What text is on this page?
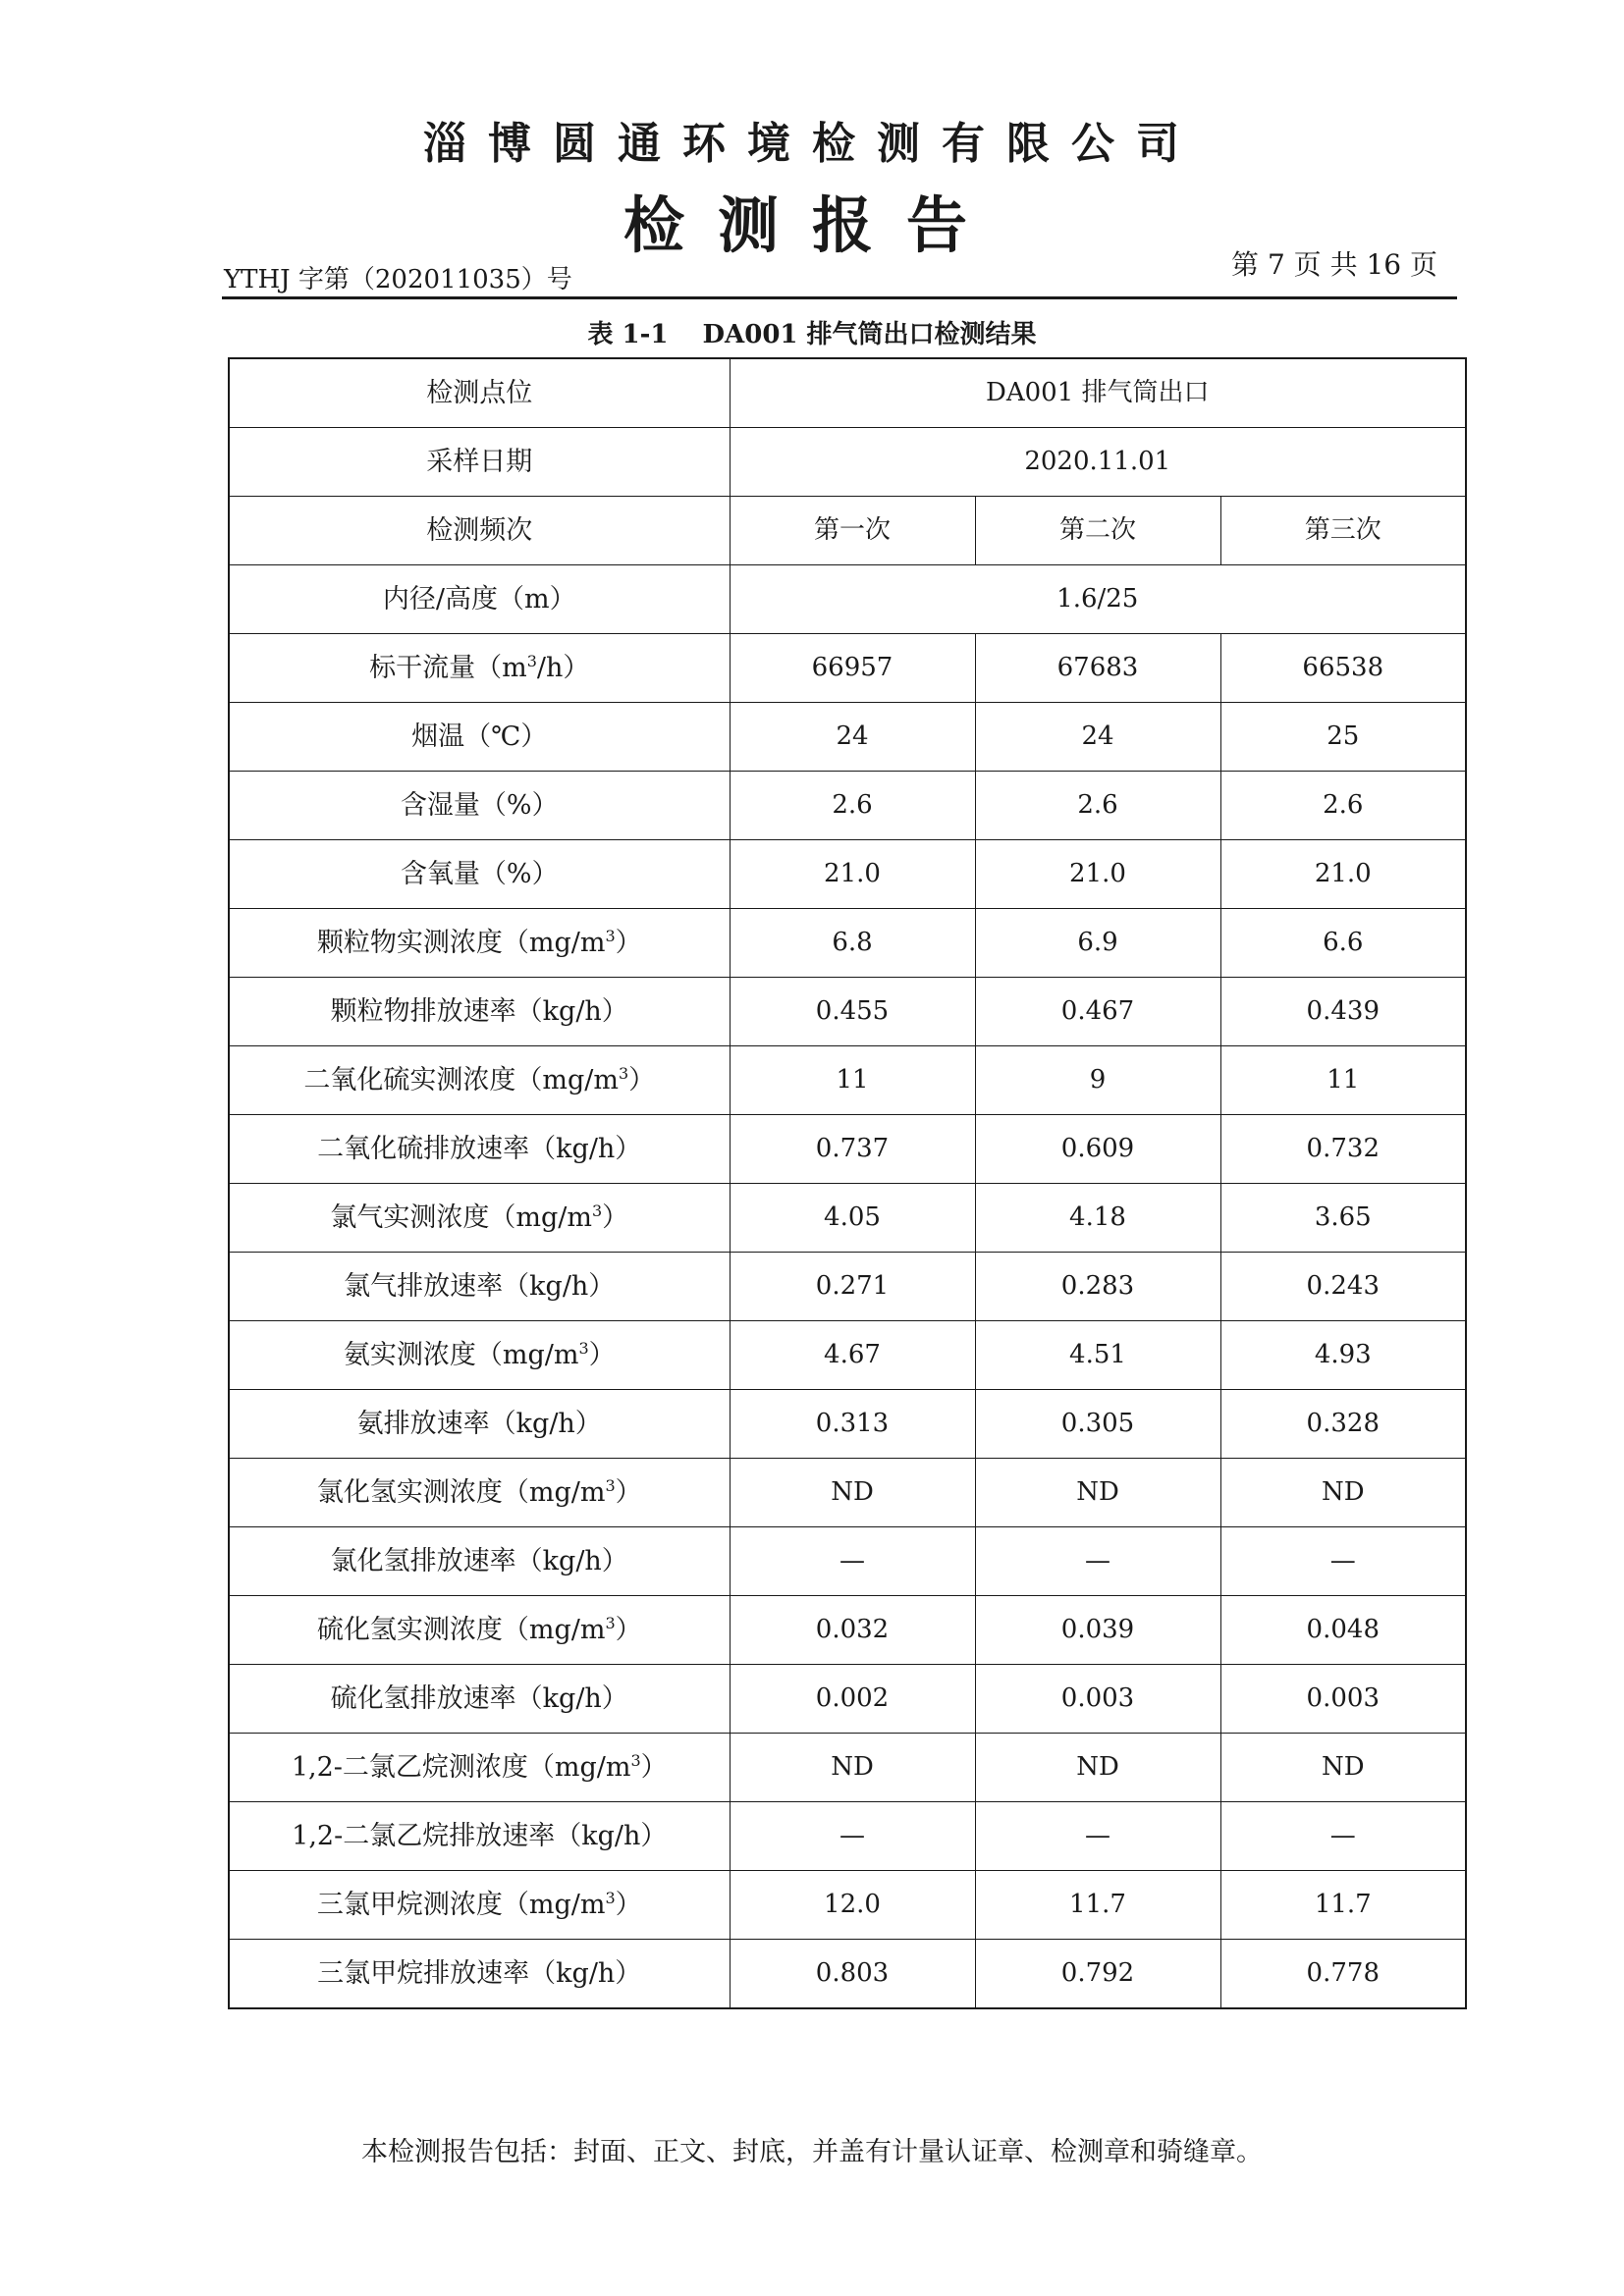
淄博圆通环境检测有限公司
检测报告
YTHJ 字第（202011035）号	第 7 页 共 16 页
表 1-1　 DA001 排气筒出口检测结果
检测点位	DA001 排气筒出口		
采样日期	2020.11.01		
检测频次	第一次	第二次	第三次
内径/高度（m）	1.6/25		
标干流量$(m^3/h)$	66957	67683	66538
烟温（℃）	24	24	25
含湿量（%）	2.6	2.6	2.6
含氧量（%）	21.0	21.0	21.0
颗粒物实测浓度$(mg/m^3)$	6.8	6.9	6.6
颗粒物排放速率（kg/h）	0.455	0.467	0.439
二氧化硫实测浓度$(mg/m^3)$	11	9	11
二氧化硫排放速率（kg/h）	0.737	0.609	0.732
氯气实测浓度$(mg/m^3)$	4.05	4.18	3.65
氯气排放速率（kg/h）	0.271	0.283	0.243
氨实测浓度$(mg/m^3)$	4.67	4.51	4.93
氨排放速率（kg/h）	0.313	0.305	0.328
氯化氢实测浓度$(mg/m^3)$	ND	ND	ND
氯化氢排放速率（kg/h）	—	—	—
硫化氢实测浓度$(mg/m^3)$	0.032	0.039	0.048
硫化氢排放速率（kg/h）	0.002	0.003	0.003
1,2-二氯乙烷测浓度$(mg/m^3)$	ND	ND	ND
1,2-二氯乙烷排放速率（kg/h）	—	—	—
三氯甲烷测浓度$(mg/m^3)$	12.0	11.7	11.7
三氯甲烷排放速率（kg/h）	0.803	0.792	0.778
本检测报告包括：封面、正文、封底，并盖有计量认证章、检测章和骑缝章。
